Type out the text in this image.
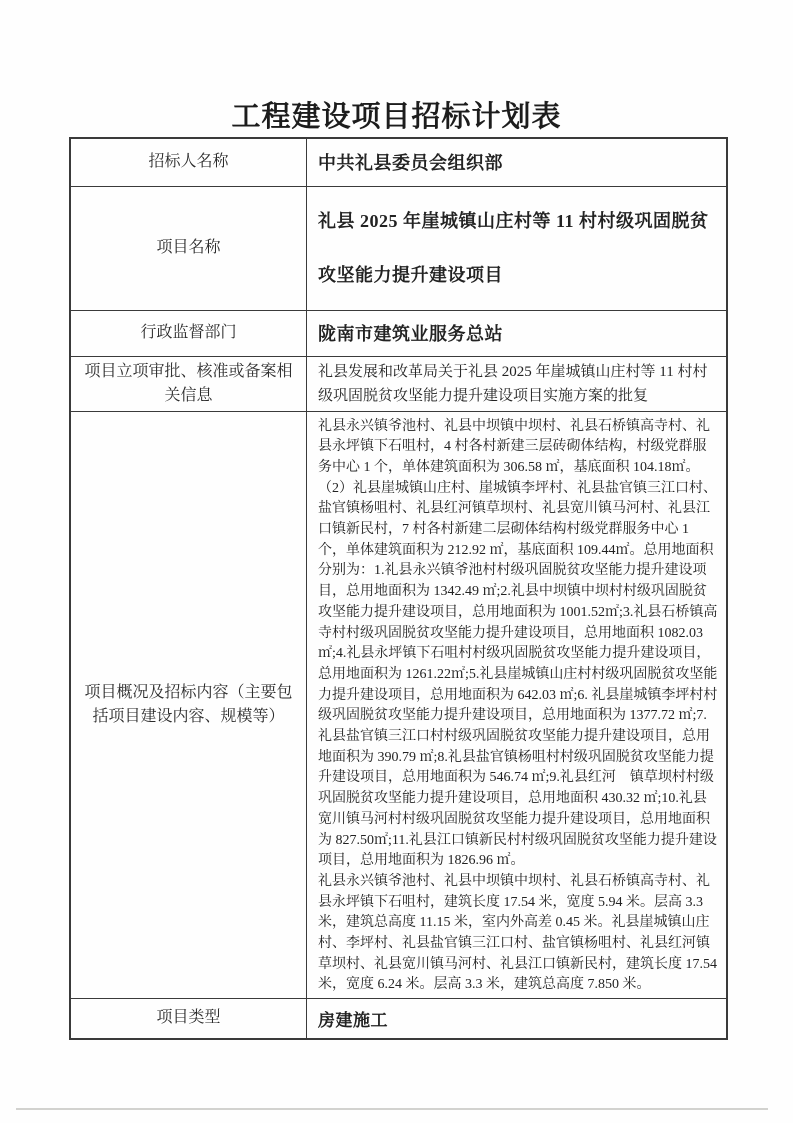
工程建设项目招标计划表
招标人名称	中共礼县委员会组织部
项目名称	礼县 2025 年崖城镇山庄村等 11 村村级巩固脱贫攻坚能力提升建设项目
行政监督部门	陇南市建筑业服务总站
项目立项审批、核准或备案相关信息	礼县发展和改革局关于礼县 2025 年崖城镇山庄村等 11 村村级巩固脱贫攻坚能力提升建设项目实施方案的批复
项目概况及招标内容（主要包括项目建设内容、规模等）	礼县永兴镇爷池村、礼县中坝镇中坝村、礼县石桥镇高寺村、礼县永坪镇下石咀村，4 村各村新建三层砖砌体结构，村级党群服务中心 1 个，单体建筑面积为 306.58 ㎡，基底面积 104.18㎡。（2）礼县崖城镇山庄村、崖城镇李坪村、礼县盐官镇三江口村、盐官镇杨咀村、礼县红河镇草坝村、礼县宽川镇马河村、礼县江口镇新民村，7 村各村新建二层砌体结构村级党群服务中心 1 个，单体建筑面积为 212.92 ㎡，基底面积 109.44㎡。总用地面积分别为：1.礼县永兴镇爷池村村级巩固脱贫攻坚能力提升建设项目，总用地面积为 1342.49 ㎡;2.礼县中坝镇中坝村村级巩固脱贫攻坚能力提升建设项目，总用地面积为 1001.52㎡;3.礼县石桥镇高寺村村级巩固脱贫攻坚能力提升建设项目，总用地面积 1082.03㎡;4.礼县永坪镇下石咀村村级巩固脱贫攻坚能力提升建设项目，总用地面积为 1261.22㎡;5.礼县崖城镇山庄村村级巩固脱贫攻坚能力提升建设项目，总用地面积为 642.03 ㎡;6. 礼县崖城镇李坪村村级巩固脱贫攻坚能力提升建设项目，总用地面积为 1377.72 ㎡;7.礼县盐官镇三江口村村级巩固脱贫攻坚能力提升建设项目，总用地面积为 390.79 ㎡;8.礼县盐官镇杨咀村村级巩固脱贫攻坚能力提升建设项目，总用地面积为 546.74 ㎡;9.礼县红河　镇草坝村村级巩固脱贫攻坚能力提升建设项目，总用地面积 430.32 ㎡;10.礼县宽川镇马河村村级巩固脱贫攻坚能力提升建设项目，总用地面积为 827.50㎡;11.礼县江口镇新民村村级巩固脱贫攻坚能力提升建设项目，总用地面积为 1826.96 ㎡。

礼县永兴镇爷池村、礼县中坝镇中坝村、礼县石桥镇高寺村、礼县永坪镇下石咀村，建筑长度 17.54 米，宽度 5.94 米。层高 3.3 米，建筑总高度 11.15 米，室内外高差 0.45 米。礼县崖城镇山庄村、李坪村、礼县盐官镇三江口村、盐官镇杨咀村、礼县红河镇草坝村、礼县宽川镇马河村、礼县江口镇新民村，建筑长度 17.54 米，宽度 6.24 米。层高 3.3 米，建筑总高度 7.850 米。

项目类型	房建施工
